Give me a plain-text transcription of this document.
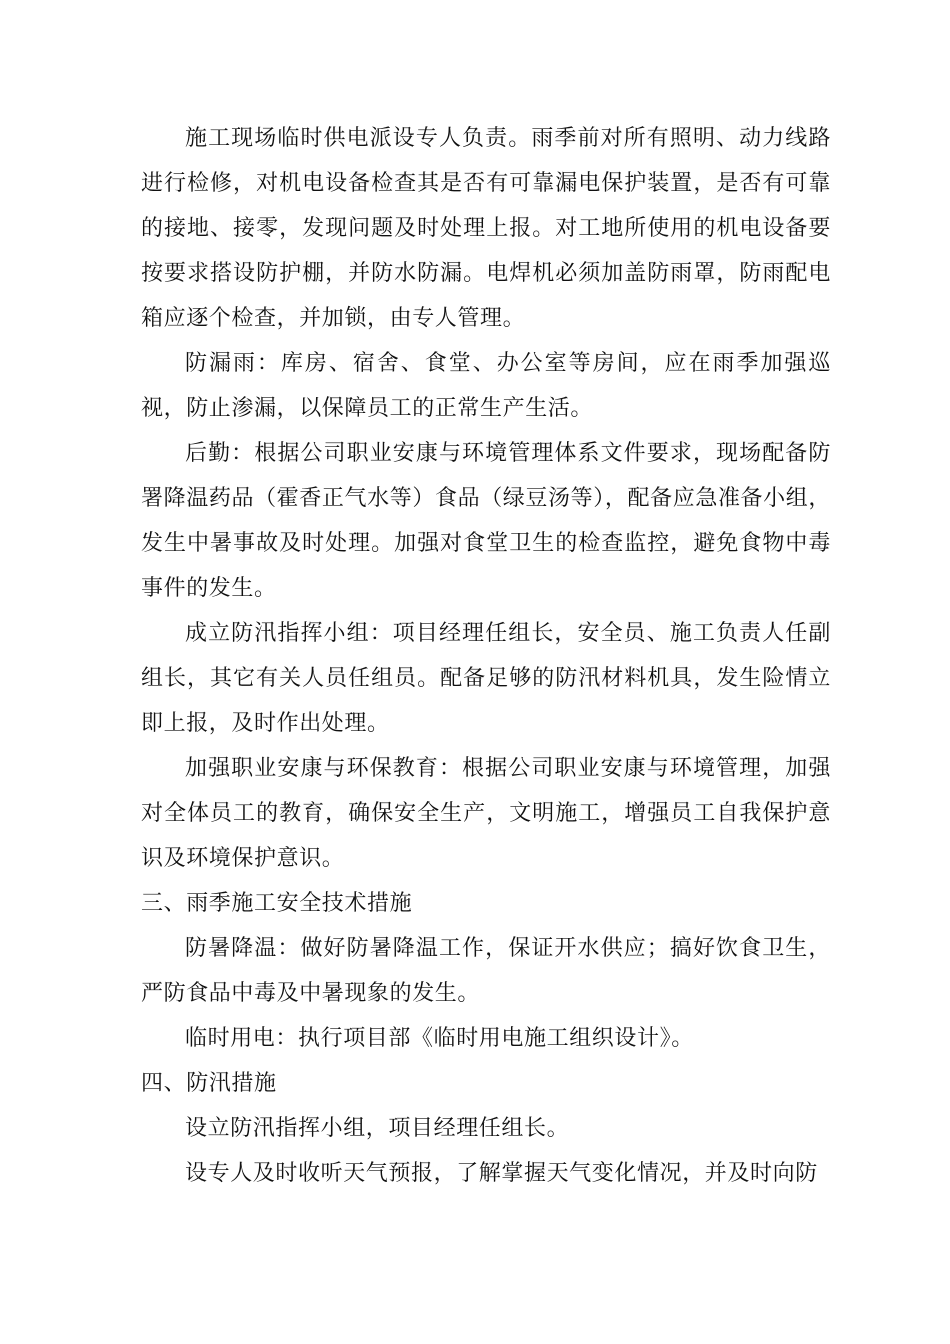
施工现场临时供电派设专人负责。雨季前对所有照明、动力线路进行检修，对机电设备检查其是否有可靠漏电保护装置，是否有可靠的接地、接零，发现问题及时处理上报。对工地所使用的机电设备要按要求搭设防护棚，并防水防漏。电焊机必须加盖防雨罩，防雨配电箱应逐个检查，并加锁，由专人管理。

防漏雨：库房、宿舍、食堂、办公室等房间，应在雨季加强巡视，防止渗漏，以保障员工的正常生产生活。

后勤：根据公司职业安康与环境管理体系文件要求，现场配备防署降温药品（霍香正气水等）食品（绿豆汤等），配备应急准备小组，发生中暑事故及时处理。加强对食堂卫生的检查监控，避免食物中毒事件的发生。

成立防汛指挥小组：项目经理任组长，安全员、施工负责人任副组长，其它有关人员任组员。配备足够的防汛材料机具，发生险情立即上报，及时作出处理。

加强职业安康与环保教育：根据公司职业安康与环境管理，加强对全体员工的教育，确保安全生产，文明施工，增强员工自我保护意识及环境保护意识。

三、雨季施工安全技术措施

防暑降温：做好防暑降温工作，保证开水供应；搞好饮食卫生，严防食品中毒及中暑现象的发生。

临时用电：执行项目部《临时用电施工组织设计》。

四、防汛措施

设立防汛指挥小组，项目经理任组长。

设专人及时收听天气预报，了解掌握天气变化情况，并及时向防
